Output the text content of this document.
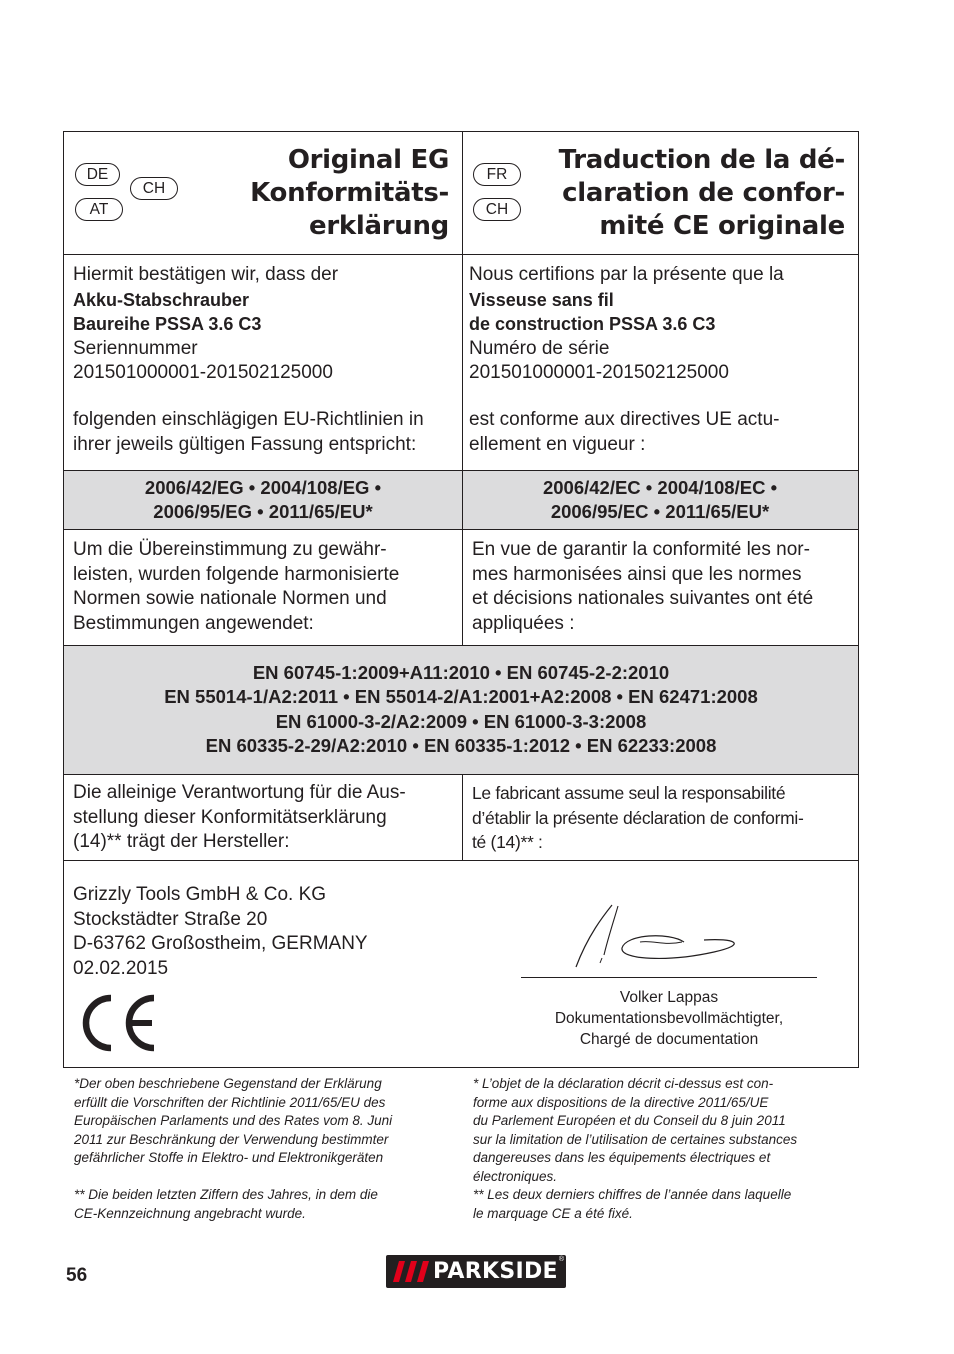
DE
CH
AT
Original EG
Konformitäts-
erklärung
FR
CH
Traduction de la dé-
claration de confor-
mité CE originale
Hiermit bestätigen wir, dass der
Akku-Stabschrauber
Baureihe PSSA 3.6 C3
Seriennummer
201501000001-201502125000
folgenden einschlägigen EU-Richtlinien in
ihrer jeweils gültigen Fassung entspricht:
Nous certifions par la présente que la
Visseuse sans fil
de construction PSSA 3.6 C3
Numéro de série
201501000001-201502125000
est conforme aux directives UE actu-
ellement en vigueur :
2006/42/EG • 2004/108/EG •
2006/95/EG • 2011/65/EU*
2006/42/EC • 2004/108/EC •
2006/95/EC • 2011/65/EU*
Um die Übereinstimmung zu gewähr-
leisten, wurden folgende harmonisierte
Normen sowie nationale Normen und
Bestimmungen angewendet:
En vue de garantir la conformité les nor-
mes harmonisées ainsi que les normes
et décisions nationales suivantes ont été
appliquées :
EN 60745-1:2009+A11:2010 • EN 60745-2-2:2010
EN 55014-1/A2:2011 • EN 55014-2/A1:2001+A2:2008 • EN 62471:2008
EN 61000-3-2/A2:2009 • EN 61000-3-3:2008
EN 60335-2-29/A2:2010 • EN 60335-1:2012 • EN 62233:2008
Die alleinige Verantwortung für die Aus-
stellung dieser Konformitätserklärung
(14)** trägt der Hersteller:
Le fabricant assume seul la responsabilité
d’établir la présente déclaration de conformi-
té (14)** :
Grizzly Tools GmbH & Co. KG
Stockstädter Straße 20
D-63762 Großostheim, GERMANY
02.02.2015
Volker Lappas
Dokumentationsbevollmächtigter,
Chargé de documentation
*Der oben beschriebene Gegenstand der Erklärung
erfüllt die Vorschriften der Richtlinie 2011/65/EU des
Europäischen Parlaments und des Rates vom 8. Juni
2011 zur Beschränkung der Verwendung bestimmter
gefährlicher Stoffe in Elektro- und Elektronikgeräten
** Die beiden letzten Ziffern des Jahres, in dem die
CE-Kennzeichnung angebracht wurde.
* L’objet de la déclaration décrit ci-dessus est con-
forme aux dispositions de la directive 2011/65/UE
du Parlement Européen et du Conseil du 8 juin 2011
sur la limitation de l’utilisation de certaines substances
dangereuses dans les équipements électriques et
électroniques.
** Les deux derniers chiffres de l’année dans laquelle
le marquage CE a été fixé.
56	PARKSIDE ®
